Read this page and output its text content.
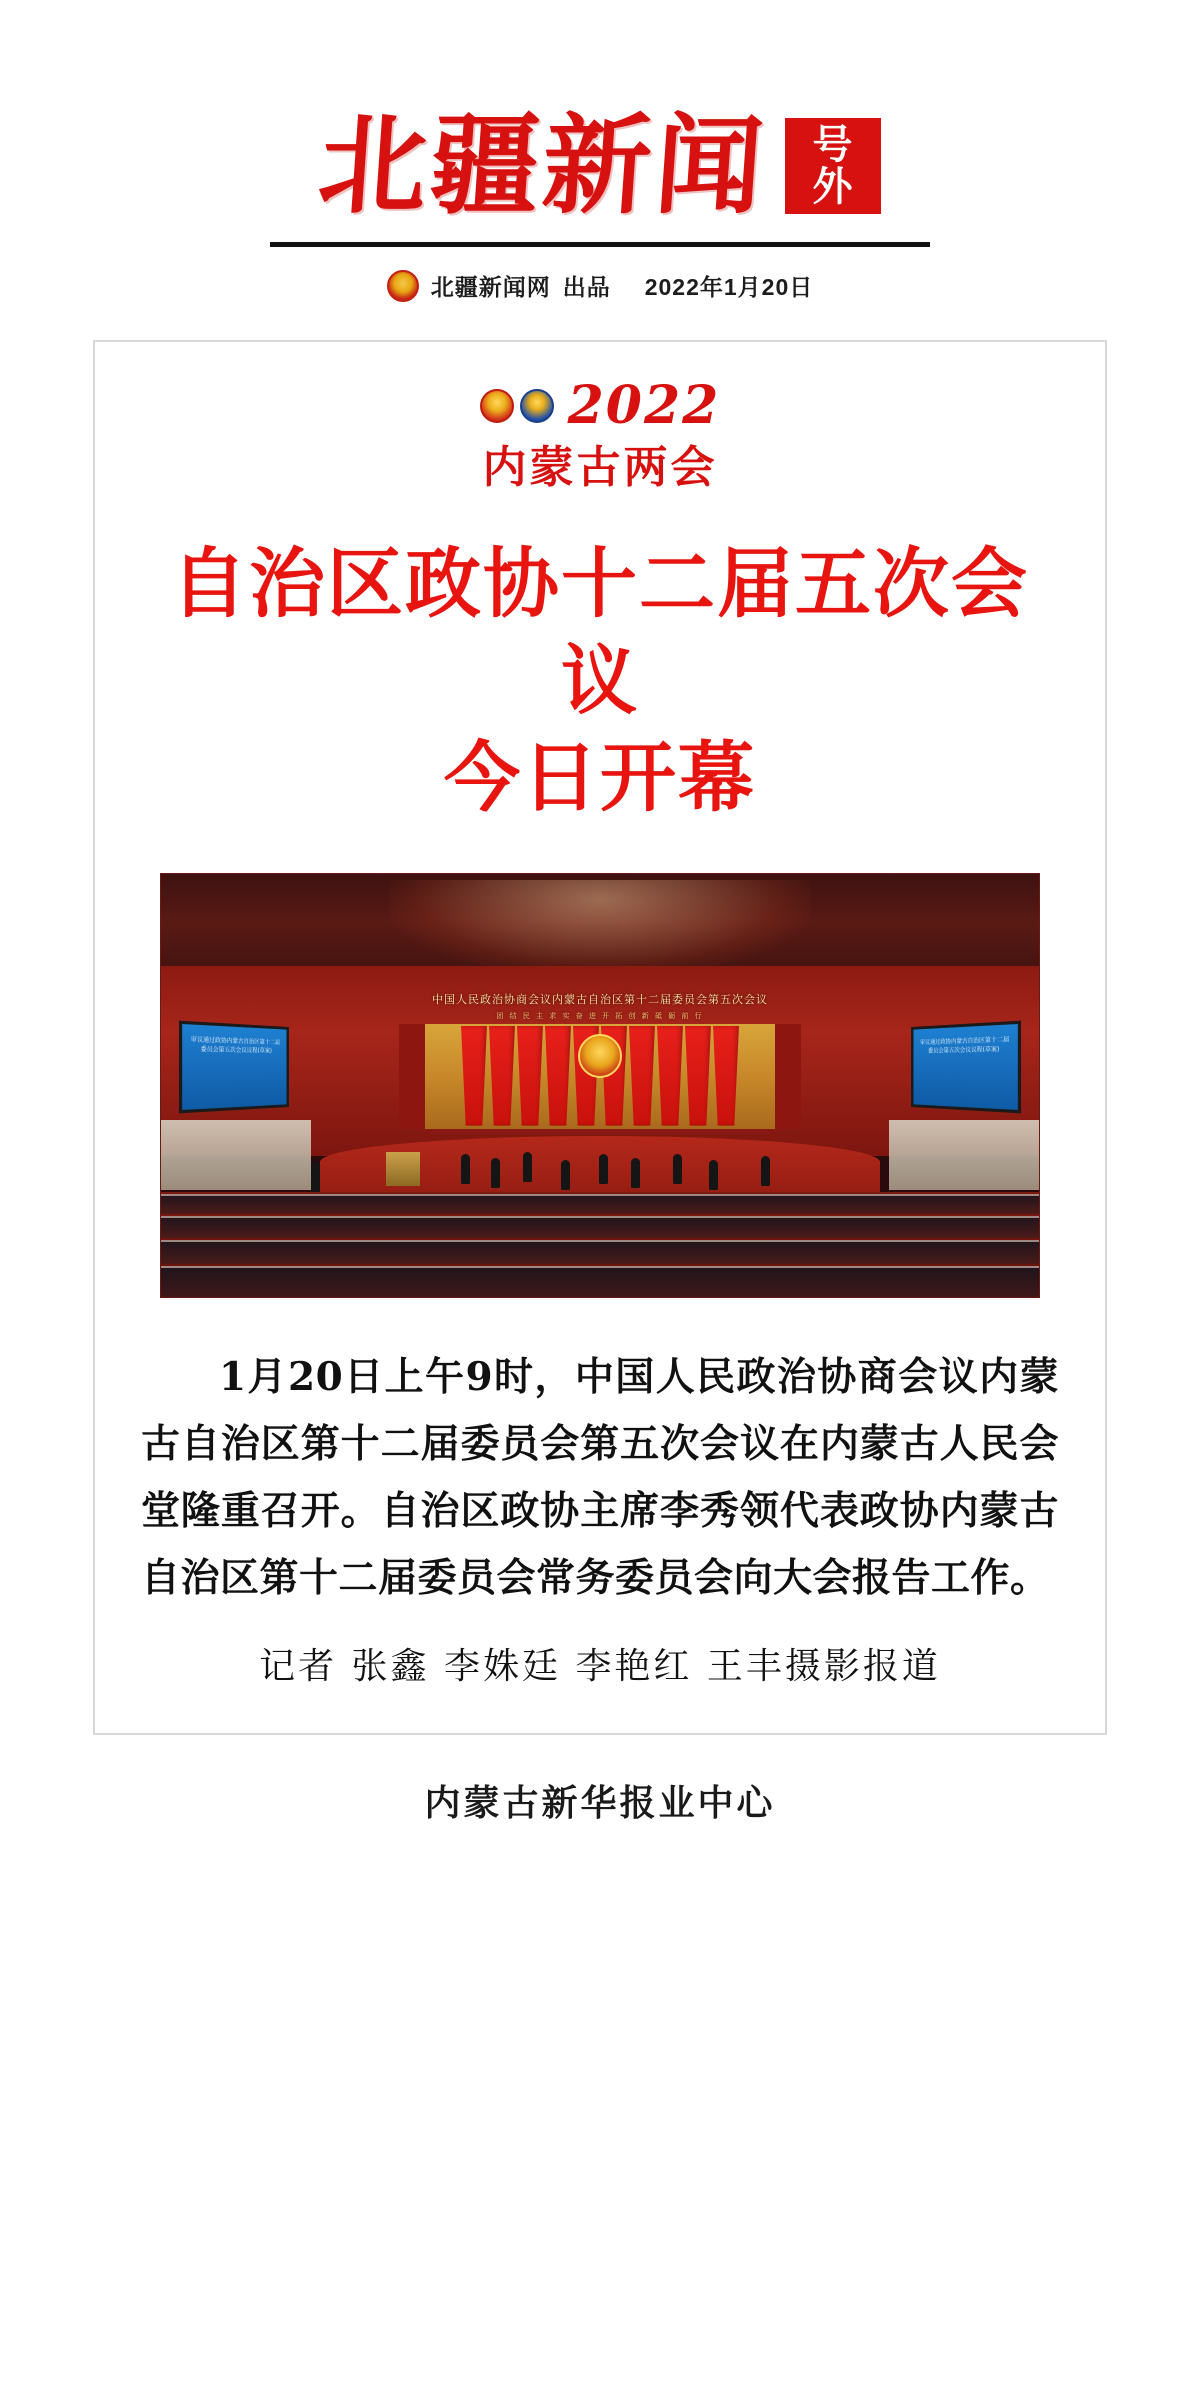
北疆新闻 号
外
北疆新闻网 出品 2022年1月20日
2022
内蒙古两会
自治区政协十二届五次会议
今日开幕
中国人民政治协商会议内蒙古自治区第十二届委员会第五次会议
团 结 民 主 求 实 奋 进 开 拓 创 新 砥 砺 前 行
审议通过政协内蒙古自治区第十二届委员会第五次会议议程(草案)
审议通过政协内蒙古自治区第十二届委员会第五次会议议程(草案)
1月20日上午9时，中国人民政治协商会议内蒙古自治区第十二届委员会第五次会议在内蒙古人民会堂隆重召开。自治区政协主席李秀领代表政协内蒙古自治区第十二届委员会常务委员会向大会报告工作。
记者 张鑫 李姝廷 李艳红 王丰摄影报道
内蒙古新华报业中心
